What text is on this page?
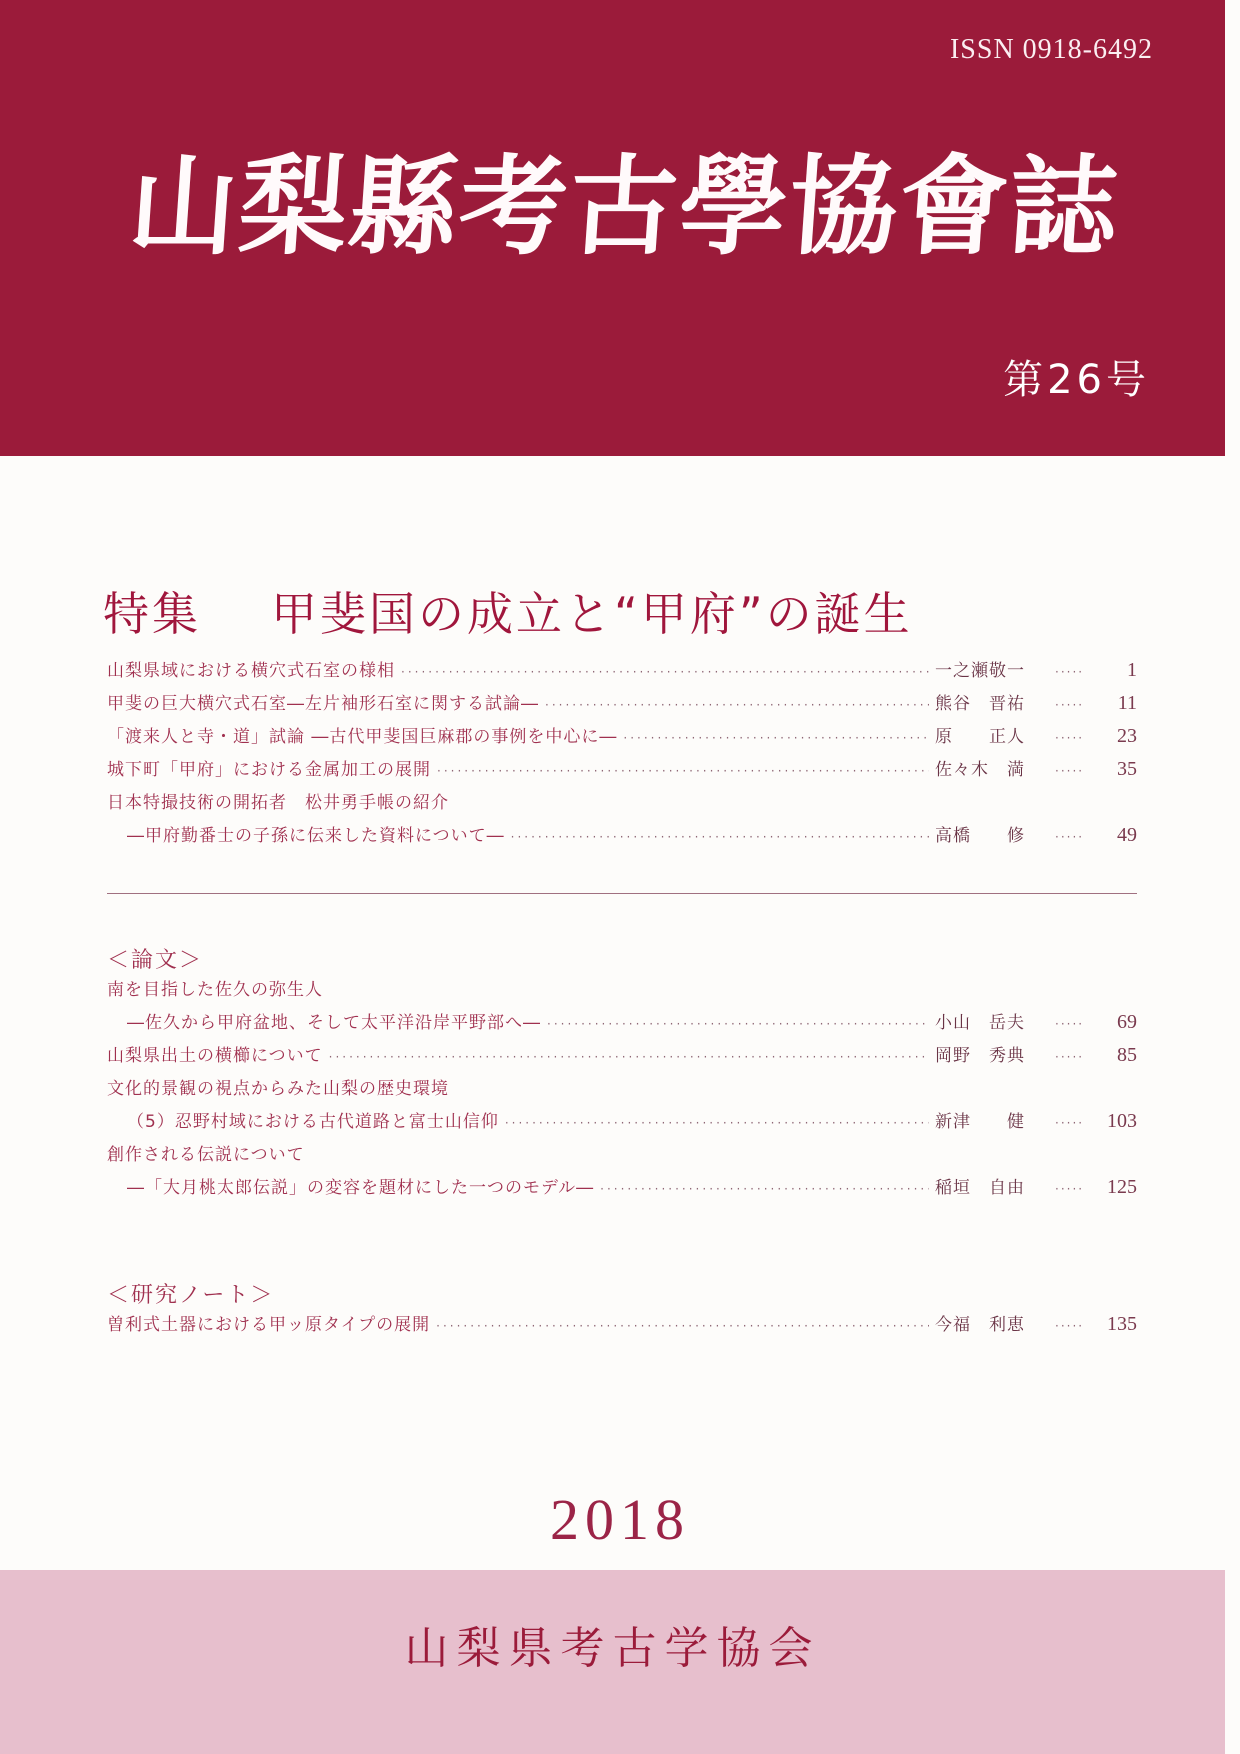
ISSN 0918-6492
山梨縣考古學協會誌
第26号
特集 甲斐国の成立と“甲府”の誕生
山梨県域における横穴式石室の様相 ·····	一之瀬敬一 ·····	1
甲斐の巨大横穴式石室―左片袖形石室に関する試論― ·····	熊谷　晋祐 ·····	11
「渡来人と寺・道」試論 ―古代甲斐国巨麻郡の事例を中心に― ·····	原　　正人 ·····	23
城下町「甲府」における金属加工の展開 ·····	佐々木　満 ·····	35
日本特撮技術の開拓者　松井勇手帳の紹介
―甲府勤番士の子孫に伝来した資料について― ·····	高橋　　修 ·····	49
＜論文＞
南を目指した佐久の弥生人
―佐久から甲府盆地、そして太平洋沿岸平野部へ― ·····	小山　岳夫 ·····	69
山梨県出土の横櫛について ·····	岡野　秀典 ·····	85
文化的景観の視点からみた山梨の歴史環境
（5）忍野村域における古代道路と富士山信仰 ·····	新津　　健 ·····	103
創作される伝説について
―「大月桃太郎伝説」の変容を題材にした一つのモデル― ·····	稲垣　自由 ·····	125
＜研究ノート＞
曽利式土器における甲ッ原タイプの展開 ·····	今福　利恵 ·····	135
2018
山梨県考古学協会
